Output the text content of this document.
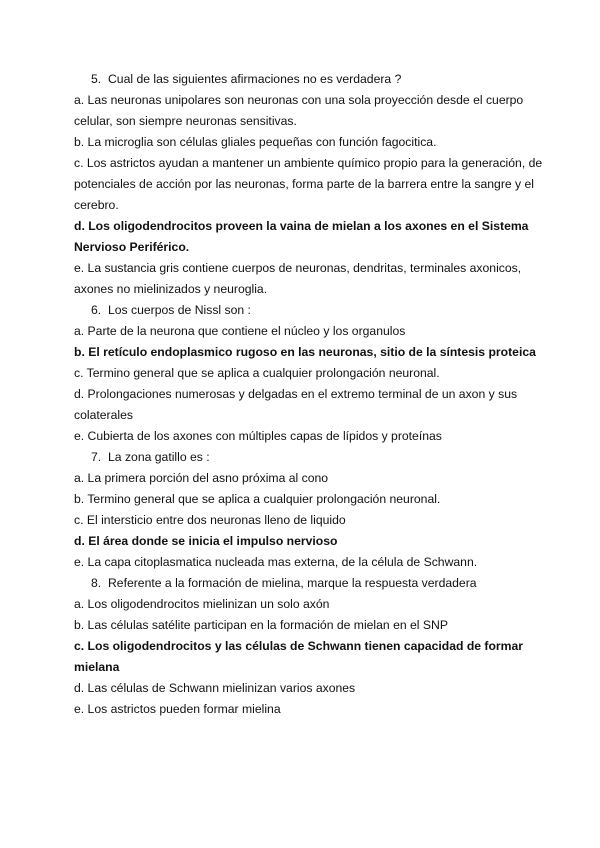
5. Cual de las siguientes afirmaciones no es verdadera ?
a. Las neuronas unipolares son neuronas con una sola proyección desde el cuerpo celular, son siempre neuronas sensitivas.
b. La microglia son células gliales pequeñas con función fagocitica.
c. Los astrictos ayudan a mantener un ambiente químico propio para la generación, de potenciales de acción por las neuronas, forma parte de la barrera entre la sangre y el cerebro.
d. Los oligodendrocitos proveen la vaina de mielan a los axones en el Sistema Nervioso Periférico.
e. La sustancia gris contiene cuerpos de neuronas, dendritas, terminales axonicos, axones no mielinizados y neuroglia.
6. Los cuerpos de Nissl son :
a. Parte de la neurona que contiene el núcleo y los organulos
b. El retículo endoplasmico rugoso en las neuronas, sitio de la síntesis proteica
c. Termino general que se aplica a cualquier prolongación neuronal.
d. Prolongaciones numerosas y delgadas en el extremo terminal de un axon y sus colaterales
e. Cubierta de los axones con múltiples capas de lípidos y proteínas
7. La zona gatillo es :
a. La primera porción del asno próxima al cono
b. Termino general que se aplica a cualquier prolongación neuronal.
c. El intersticio entre dos neuronas lleno de liquido
d. El área donde se inicia el impulso nervioso
e. La capa citoplasmatica nucleada mas externa, de la célula de Schwann.
8. Referente a la formación de mielina, marque la respuesta verdadera
a. Los oligodendrocitos mielinizan un solo axón
b. Las células satélite participan en la formación de mielan en el SNP
c. Los oligodendrocitos y las células de Schwann tienen capacidad de formar mielana
d. Las células de Schwann mielinizan varios axones
e. Los astrictos pueden formar mielina
